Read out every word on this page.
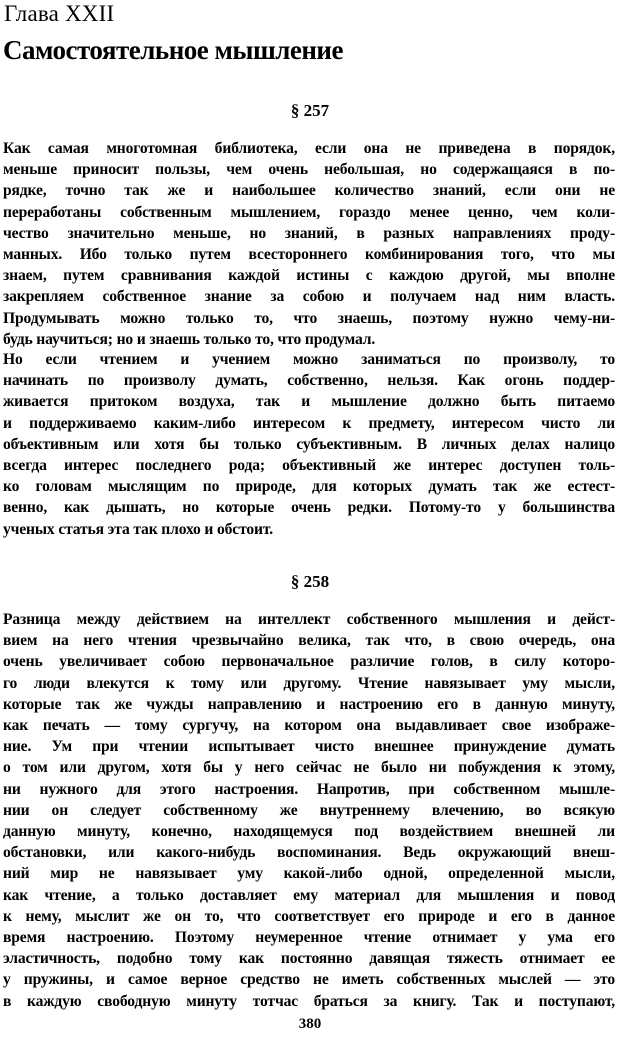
Глава XXII
Самостоятельное мышление
§ 257
Как самая многотомная библиотека, если она не приведена в порядок,
меньше приносит пользы, чем очень небольшая, но содержащаяся в по-
рядке, точно так же и наибольшее количество знаний, если они не
переработаны собственным мышлением, гораздо менее ценно, чем коли-
чество значительно меньше, но знаний, в разных направлениях проду-
манных. Ибо только путем всестороннего комбинирования того, что мы
знаем, путем сравнивания каждой истины с каждою другой, мы вполне
закрепляем собственное знание за собою и получаем над ним власть.
Продумывать можно только то, что знаешь, поэтому нужно чему-ни-
будь научиться; но и знаешь только то, что продумал.
Но если чтением и учением можно заниматься по произволу, то
начинать по произволу думать, собственно, нельзя. Как огонь поддер-
живается притоком воздуха, так и мышление должно быть питаемо
и поддерживаемо каким-либо интересом к предмету, интересом чисто ли
объективным или хотя бы только субъективным. В личных делах налицо
всегда интерес последнего рода; объективный же интерес доступен толь-
ко головам мыслящим по природе, для которых думать так же естест-
венно, как дышать, но которые очень редки. Потому-то у большинства
ученых статья эта так плохо и обстоит.
§ 258
Разница между действием на интеллект собственного мышления и дейст-
вием на него чтения чрезвычайно велика, так что, в свою очередь, она
очень увеличивает собою первоначальное различие голов, в силу которо-
го люди влекутся к тому или другому. Чтение навязывает уму мысли,
которые так же чужды направлению и настроению его в данную минуту,
как печать — тому сургучу, на котором она выдавливает свое изображе-
ние. Ум при чтении испытывает чисто внешнее принуждение думать
о том или другом, хотя бы у него сейчас не было ни побуждения к этому,
ни нужного для этого настроения. Напротив, при собственном мышле-
нии он следует собственному же внутреннему влечению, во всякую
данную минуту, конечно, находящемуся под воздействием внешней ли
обстановки, или какого-нибудь воспоминания. Ведь окружающий внеш-
ний мир не навязывает уму какой-либо одной, определенной мысли,
как чтение, а только доставляет ему материал для мышления и повод
к нему, мыслит же он то, что соответствует его природе и его в данное
время настроению. Поэтому неумеренное чтение отнимает у ума его
эластичность, подобно тому как постоянно давящая тяжесть отнимает ее
у пружины, и самое верное средство не иметь собственных мыслей — это
в каждую свободную минуту тотчас браться за книгу. Так и поступают,
380
